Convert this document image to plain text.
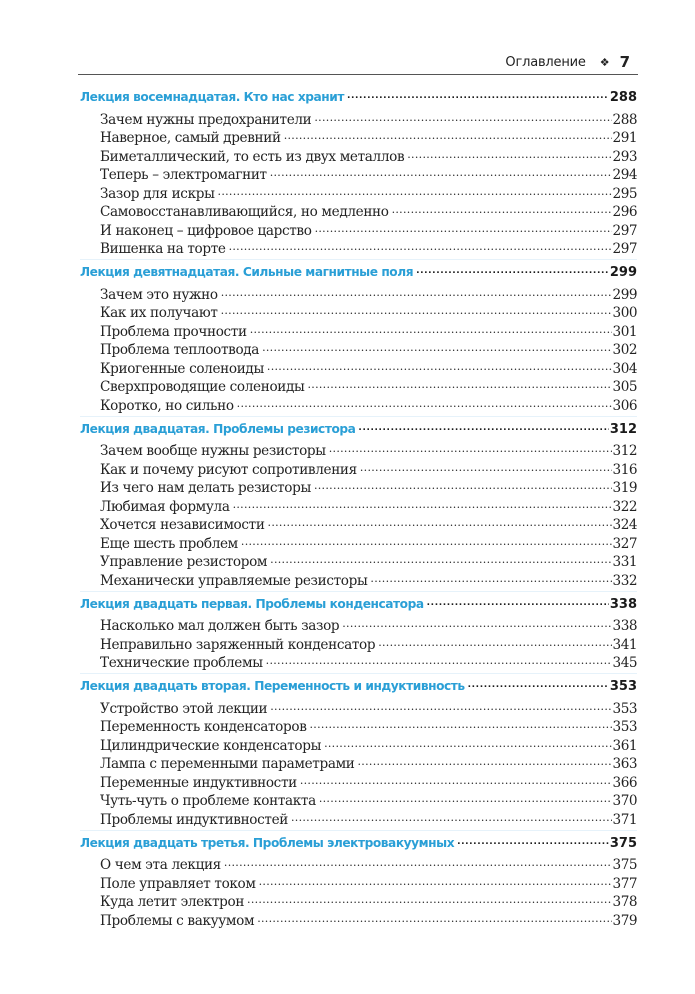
Оглавление ❖ 7
Лекция восемнадцатая. Кто нас хранит .....	288
Зачем нужны предохранители .....	288
Наверное, самый древний .....	291
Биметаллический, то есть из двух металлов .....	293
Теперь – электромагнит .....	294
Зазор для искры .....	295
Самовосстанавливающийся, но медленно .....	296
И наконец – цифровое царство .....	297
Вишенка на торте .....	297
Лекция девятнадцатая. Сильные магнитные поля .....	299
Зачем это нужно .....	299
Как их получают .....	300
Проблема прочности .....	301
Проблема теплоотвода .....	302
Криогенные соленоиды .....	304
Сверхпроводящие соленоиды .....	305
Коротко, но сильно .....	306
Лекция двадцатая. Проблемы резистора .....	312
Зачем вообще нужны резисторы .....	312
Как и почему рисуют сопротивления .....	316
Из чего нам делать резисторы .....	319
Любимая формула .....	322
Хочется независимости .....	324
Еще шесть проблем .....	327
Управление резистором .....	331
Механически управляемые резисторы .....	332
Лекция двадцать первая. Проблемы конденсатора .....	338
Насколько мал должен быть зазор .....	338
Неправильно заряженный конденсатор .....	341
Технические проблемы .....	345
Лекция двадцать вторая. Переменность и индуктивность .....	353
Устройство этой лекции .....	353
Переменность конденсаторов .....	353
Цилиндрические конденсаторы .....	361
Лампа с переменными параметрами .....	363
Переменные индуктивности .....	366
Чуть-чуть о проблеме контакта .....	370
Проблемы индуктивностей .....	371
Лекция двадцать третья. Проблемы электровакуумных .....	375
О чем эта лекция .....	375
Поле управляет током .....	377
Куда летит электрон .....	378
Проблемы с вакуумом .....	379
